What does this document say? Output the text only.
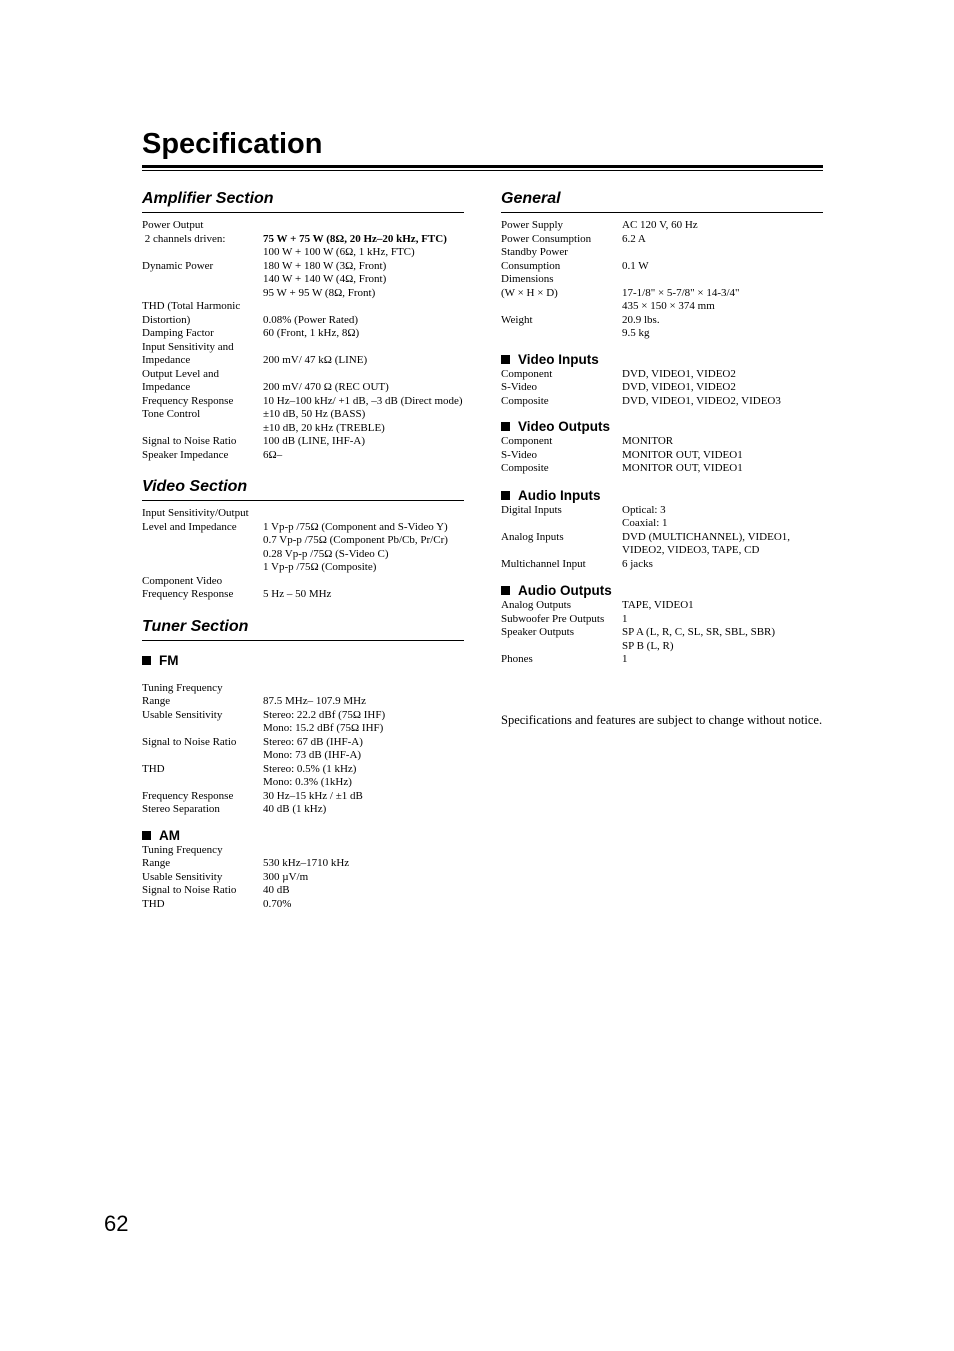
Specification
Amplifier Section
Power Output	
2 channels driven:	75 W + 75 W (8Ω, 20 Hz–20 kHz, FTC)
	100 W + 100 W (6Ω, 1 kHz, FTC)
Dynamic Power	180 W + 180 W (3Ω, Front)
	140 W + 140 W (4Ω, Front)
	95 W + 95 W (8Ω, Front)
THD (Total Harmonic	
Distortion)	0.08% (Power Rated)
Damping Factor	60 (Front, 1 kHz, 8Ω)
Input Sensitivity and	
Impedance	200 mV/ 47 kΩ (LINE)
Output Level and	
Impedance	200 mV/ 470 Ω (REC OUT)
Frequency Response	10 Hz–100 kHz/ +1 dB, –3 dB (Direct mode)
Tone Control	±10 dB, 50 Hz (BASS)
	±10 dB, 20 kHz (TREBLE)
Signal to Noise Ratio	100 dB (LINE, IHF-A)
Speaker Impedance	6Ω–
Video Section
Input Sensitivity/Output	
Level and Impedance	1 Vp-p /75Ω (Component and S-Video Y)
	0.7 Vp-p /75Ω (Component Pb/Cb, Pr/Cr)
	0.28 Vp-p /75Ω (S-Video C)
	1 Vp-p /75Ω (Composite)
Component Video	
Frequency Response	5 Hz – 50 MHz
Tuner Section
FM
Tuning Frequency	
Range	87.5 MHz– 107.9 MHz
Usable Sensitivity	Stereo: 22.2 dBf (75Ω IHF)
	Mono: 15.2 dBf (75Ω IHF)
Signal to Noise Ratio	Stereo: 67 dB (IHF-A)
	Mono: 73 dB (IHF-A)
THD	Stereo: 0.5% (1 kHz)
	Mono: 0.3% (1kHz)
Frequency Response	30 Hz–15 kHz / ±1 dB
Stereo Separation	40 dB (1 kHz)
AM
Tuning Frequency	
Range	530 kHz–1710 kHz
Usable Sensitivity	300 µV/m
Signal to Noise Ratio	40 dB
THD	0.70%
General
Power Supply	AC 120 V, 60 Hz
Power Consumption	6.2 A
Standby Power	
Consumption	0.1 W
Dimensions	
(W × H × D)	17-1/8" × 5-7/8" × 14-3/4"
	435 × 150 × 374 mm
Weight	20.9 lbs.
	9.5 kg
Video Inputs
Component	DVD, VIDEO1, VIDEO2
S-Video	DVD, VIDEO1, VIDEO2
Composite	DVD, VIDEO1, VIDEO2, VIDEO3
Video Outputs
Component	MONITOR
S-Video	MONITOR OUT, VIDEO1
Composite	MONITOR OUT, VIDEO1
Audio Inputs
Digital Inputs	Optical: 3
	Coaxial: 1
Analog Inputs	DVD (MULTICHANNEL), VIDEO1, VIDEO2, VIDEO3, TAPE, CD
Multichannel Input	6 jacks
Audio Outputs
Analog Outputs	TAPE, VIDEO1
Subwoofer Pre Outputs	1
Speaker Outputs	SP A (L, R, C, SL, SR, SBL, SBR)
	SP B (L, R)
Phones	1

Specifications and features are subject to change without notice.

62
